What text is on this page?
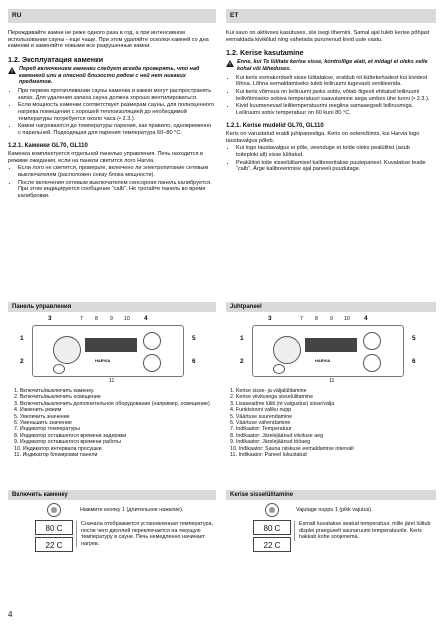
RU	ET

Переждавайте камни не реже одного раза в год, а при интенсивном использовании сауны - еще чаще. При этом удаляйте осколки камней со дна каменки и заменяйте новыми все разрушенные камни.

1.2. Эксплуатация каменки
Перед включением каменки следует всегда проверять, что над каменкой или в опасной близости рядом с ней нет никаких предметов.
• При первом протапливании сауны каменка и камни могут распространять запах. Для удаления запаха сауна должна хорошо вентилироваться.
• Если мощность каменки соответствует размерам сауны, для полноценного нагрева помещения с хорошей теплоизоляцией до необходимой температуры потребуется около часа (• 2.3.).
• Камни нагреваются до температуры парения, как правило, одновременно с парильней. Подходящая для парения температура 60–80 °C.
1.2.1. Каменки GL70, GL110

Каменка комплектуется отдельной панелью управления. Печь находится в режиме ожидания, если на панели светится лого Harvia.

• Если лого не светится, проверьте, включено ли электропитание сетевым выключателем (расположен снизу блока мощности).
• После включения сетевым выключателем сенсорная панель калибруется. При этом индицируется сообщение “calb”. Не трогайте панель во время калибровки.

Kui saun on aktiivses kasutuses, siis isegi tihemini. Samal ajal tuleb kerise põhjast eemaldada kivikillud ning vahetada purunenud kivid uute vastu.

1.2. Kerise kasutamine
Enne, kui Te lülitate kerise sisse, kontrollige alati, et midagi ei oleks selle kohal või läheduses.
• Kui keris esmakordselt sisse lülitatakse, eraldub nii küttekehadest kui kividest lõhna. Lõhna eemaldamiseks tuleb leiliruumi tugevasti ventileerida.
• Kui keris võimsus on leiliruumi jaoks sobiv, võtab õigesti ehitatud leiliruumi leilivõtmiseks sobiva temperatuuri saavutamine aega umbes ühe tunni (• 2.3.).
• Kivid kuumenevad leilitemperatuurini reeglina samaaegselt leiliruumiga. Leiliruumi sobiv temperatuur on 60 kuni 80 °C.
1.2.1. Kerise mudelid GL70, GL110

Keris on varustatud eraldi juhtpaneeliga. Keris on ooterežiimis, kui Harvia logo taustavalgus põleb.

• Kui logo taustavalgus ei põle, veenduge et toide oleks pealülitist (asub toiteploki all) sisse lülitatud.
• Pealülitist toite sisselülitamisel kalibreeritakse puutepaneel. Kuvatakse teade “calb”. Ärge kalibreerimise ajal paneeli puudutage.
Панель управления	Juhtpaneel
3	7 8 9 10 4
1
2
5
6
11
HARVIA
3	7 8 9 10 4
1
2
5
6
11
HARVIA
1. Включить/выключить каменку.
2. Включить/выключить освещение
3. Включить/выключить дополнительное оборудование (например, освещение)
4. Изменить режим
5. Увеличить значение
6. Уменьшить значение
7. Индикатор температуры
8. Индикатор оставшегося времени задержки
9. Индикатор оставшегося времени работы
10. Индикатор интервала просушки
11. Индикатор блокировки панели
1. Kerise sisse- ja väljalülitamine
2. Kerise viivitusega sisselülitamine
3. Lisaseadme lüliti (nt valgustus) sisse/välja
4. Funktsiooni valiku nupp
5. Väärtuse suurendamine
6. Väärtuse vähendamine
7. Indikaator: Temperatuur
8. Indikaator: Järelejäänud viivituse aeg
9. Indikaator: Järelejäänud tööaeg
10. Indikaator: Sauna niiskuse eemaldamise intervall
11. Indikaator: Paneel lukustatud
Включить каменку	Kerise sisselülitamine
Нажмите кнопку 1 (длительное нажатие).
80 C
22 C
Сначала отображается установленная температура, после чего дисплей переключается на текущую температуру в сауне. Печь немедленно начинает нагрев.
Vajutage nuppu 1 (pikk vajutus).
80 C
22 C
Esmalt kuvatakse seatud temperatuur, mille järel lülitub displei praeguselt saunaruumi temperatuurile. Keris hakkab kohe soojenema.
4
